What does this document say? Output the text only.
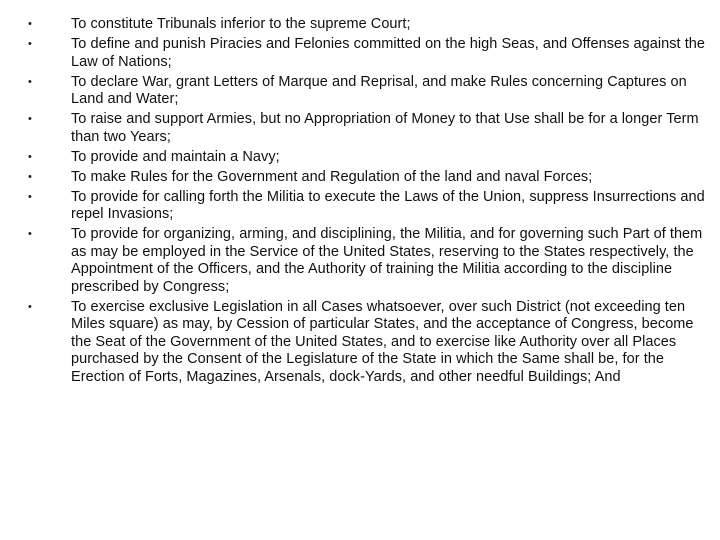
•	To constitute Tribunals inferior to the supreme Court;
•	To define and punish Piracies and Felonies committed on the high Seas, and Offenses against the Law of Nations;
•	To declare War, grant Letters of Marque and Reprisal, and make Rules concerning Captures on Land and Water;
•	To raise and support Armies, but no Appropriation of Money to that Use shall be for a longer Term than two Years;
•	To provide and maintain a Navy;
•	To make Rules for the Government and Regulation of the land and naval Forces;
•	To provide for calling forth the Militia to execute the Laws of the Union, suppress Insurrections and repel Invasions;
•	To provide for organizing, arming, and disciplining, the Militia, and for governing such Part of them as may be employed in the Service of the United States, reserving to the States respectively, the Appointment of the Officers, and the Authority of training the Militia according to the discipline prescribed by Congress;
•	To exercise exclusive Legislation in all Cases whatsoever, over such District (not exceeding ten Miles square) as may, by Cession of particular States, and the acceptance of Congress, become the Seat of the Government of the United States, and to exercise like Authority over all Places purchased by the Consent of the Legislature of the State in which the Same shall be, for the Erection of Forts, Magazines, Arsenals, dock-Yards, and other needful Buildings; And
